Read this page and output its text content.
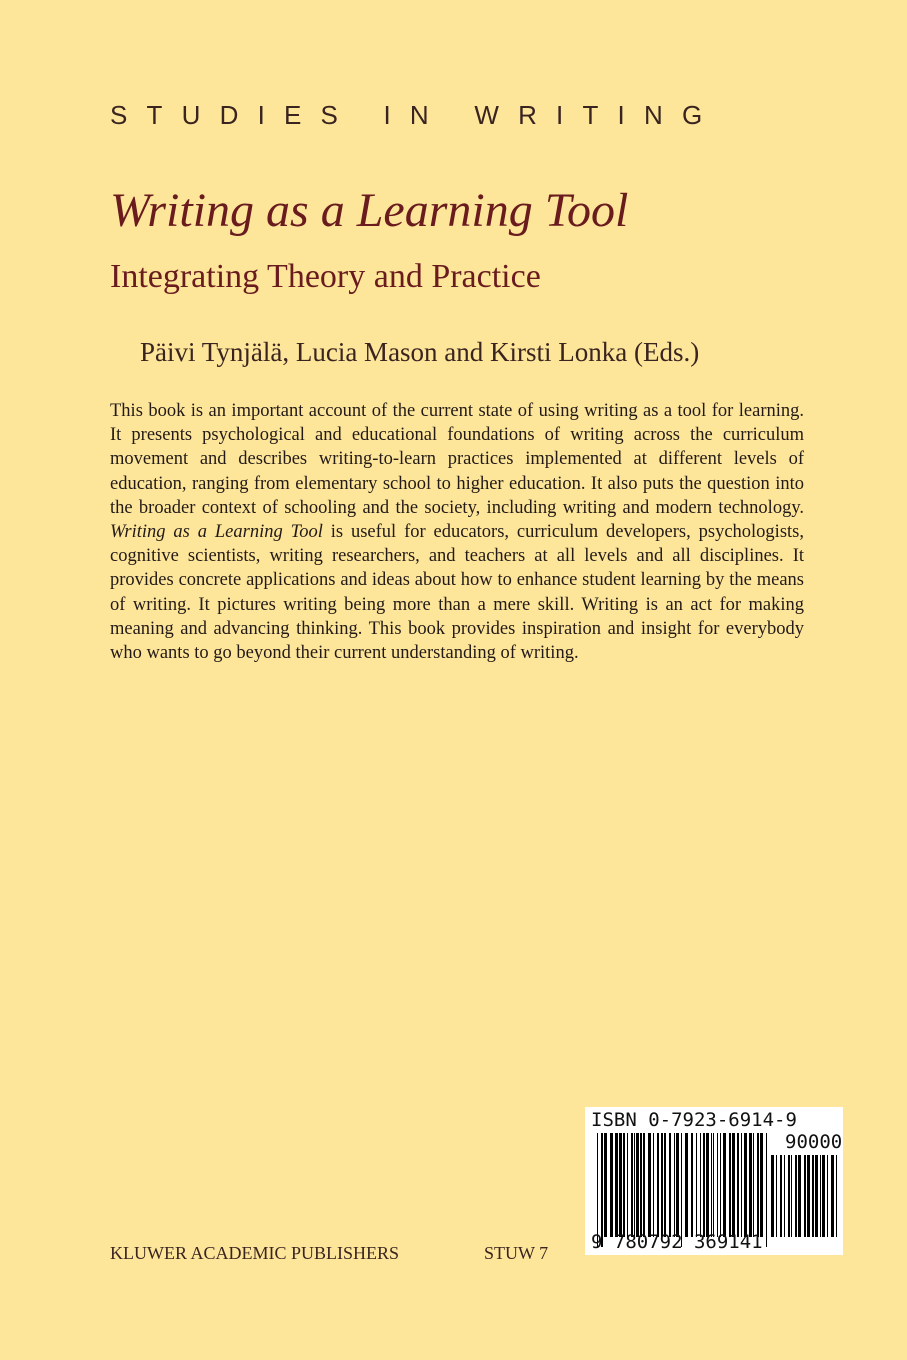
STUDIES IN WRITING
Writing as a Learning Tool
Integrating Theory and Practice
Päivi Tynjälä, Lucia Mason and Kirsti Lonka (Eds.)

This book is an important account of the current state of using writing as a tool for learning. It presents psychological and educational foundations of writing across the curriculum movement and describes writing-to-learn practices implemented at different levels of education, ranging from elementary school to higher education. It also puts the question into the broader context of schooling and the society, including writing and modern technology. Writing as a Learning Tool is useful for educators, curriculum developers, psychologists, cognitive scientists, writing researchers, and teachers at all levels and all disciplines. It provides concrete applications and ideas about how to enhance student learning by the means of writing. It pictures writing being more than a mere skill. Writing is an act for making meaning and advancing thinking. This book provides inspiration and insight for everybody who wants to go beyond their current understanding of writing.

KLUWER ACADEMIC PUBLISHERS	STUW 7
ISBN 0-7923-6914-9
90000
9 780792 369141
